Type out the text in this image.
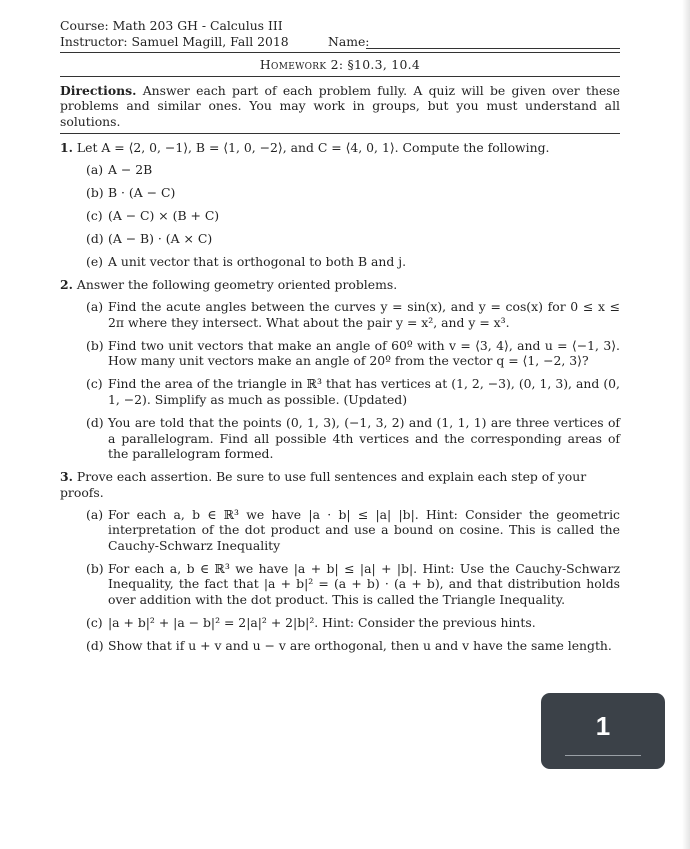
Course: Math 203 GH - Calculus III
Instructor: Samuel Magill, Fall 2018	Name:
Homework 2: §10.3, 10.4
Directions. Answer each part of each problem fully. A quiz will be given over these problems and similar ones. You may work in groups, but you must understand all solutions.
1. Let A = ⟨2, 0, −1⟩, B = ⟨1, 0, −2⟩, and C = ⟨4, 0, 1⟩. Compute the following.
(a) A − 2B
(b) B · (A − C)
(c) (A − C) × (B + C)
(d) (A − B) · (A × C)
(e) A unit vector that is orthogonal to both B and j.
2. Answer the following geometry oriented problems.
(a) Find the acute angles between the curves y = sin(x), and y = cos(x) for 0 ≤ x ≤ 2π where they intersect. What about the pair y = x², and y = x³.
(b) Find two unit vectors that make an angle of 60º with v = ⟨3, 4⟩, and u = ⟨−1, 3⟩. How many unit vectors make an angle of 20º from the vector q = ⟨1, −2, 3⟩?
(c) Find the area of the triangle in ℝ³ that has vertices at (1, 2, −3), (0, 1, 3), and (0, 1, −2). Simplify as much as possible. (Updated)
(d) You are told that the points (0, 1, 3), (−1, 3, 2) and (1, 1, 1) are three vertices of a parallelogram. Find all possible 4th vertices and the corresponding areas of the parallelogram formed.
3. Prove each assertion. Be sure to use full sentences and explain each step of your proofs.
(a) For each a, b ∈ ℝ³ we have |a · b| ≤ |a| |b|. Hint: Consider the geometric interpretation of the dot product and use a bound on cosine. This is called the Cauchy-Schwarz Inequality
(b) For each a, b ∈ ℝ³ we have |a + b| ≤ |a| + |b|. Hint: Use the Cauchy-Schwarz Inequality, the fact that |a + b|² = (a + b) · (a + b), and that distribution holds over addition with the dot product. This is called the Triangle Inequality.
(c) |a + b|² + |a − b|² = 2|a|² + 2|b|². Hint: Consider the previous hints.
(d) Show that if u + v and u − v are orthogonal, then u and v have the same length.
1
